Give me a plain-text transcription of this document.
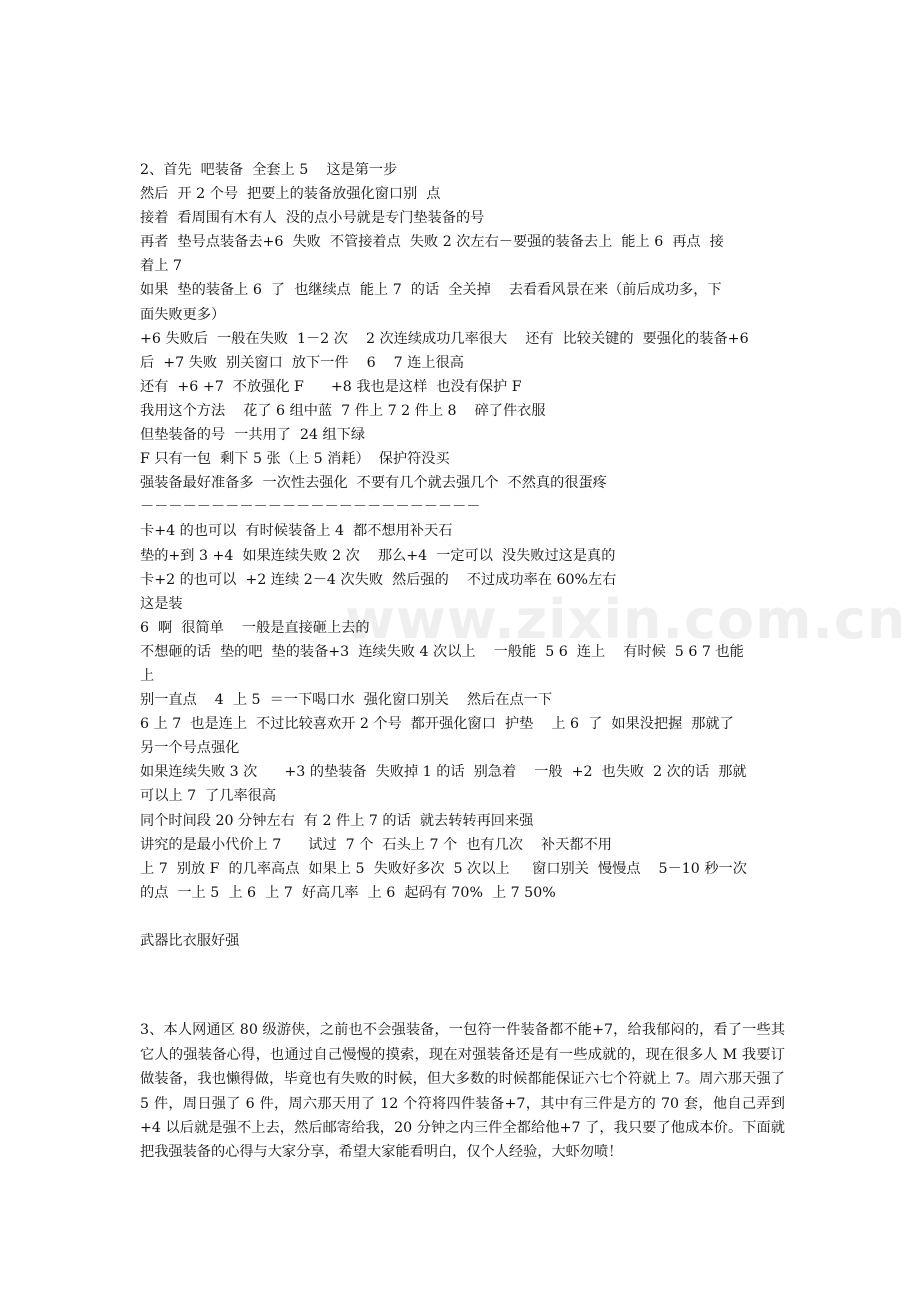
www.zixin.com.cn
2、首先  吧装备  全套上 5    这是第一步
然后  开 2 个号  把要上的装备放强化窗口别  点
接着  看周围有木有人  没的点小号就是专门垫装备的号
再者  垫号点装备去+6  失败  不管接着点  失败 2 次左右－要强的装备去上  能上 6  再点  接
着上 7
如果  垫的装备上 6  了  也继续点  能上 7  的话  全关掉    去看看风景在来（前后成功多，下
面失败更多）
+6 失败后  一般在失败  1－2 次    2 次连续成功几率很大    还有  比较关键的  要强化的装备+6
后  +7 失败  别关窗口  放下一件    6    7 连上很高
还有  +6 +7  不放强化 F      +8 我也是这样  也没有保护 F
我用这个方法    花了 6 组中蓝  7 件上 7 2 件上 8    碎了件衣服
但垫装备的号  一共用了  24 组下绿
F 只有一包  剩下 5 张（上 5 消耗）  保护符没买
强装备最好准备多  一次性去强化  不要有几个就去强几个  不然真的很蛋疼
－－－－－－－－－－－－－－－－－－－－－－－－
卡+4 的也可以  有时候装备上 4  都不想用补天石
垫的+到 3 +4  如果连续失败 2 次    那么+4  一定可以  没失败过这是真的
卡+2 的也可以  +2 连续 2－4 次失败  然后强的    不过成功率在 60%左右
这是装
6  啊  很简单    一般是直接砸上去的
不想砸的话  垫的吧  垫的装备+3  连续失败 4 次以上    一般能  5 6  连上    有时候  5 6 7 也能
上
别一直点    4  上 5  ＝一下喝口水  强化窗口别关    然后在点一下
6 上 7  也是连上  不过比较喜欢开 2 个号  都开强化窗口  护垫    上 6  了  如果没把握  那就了
另一个号点强化
如果连续失败 3 次      +3 的垫装备  失败掉 1 的话  别急着    一般  +2  也失败  2 次的话  那就
可以上 7  了几率很高
同个时间段 20 分钟左右  有 2 件上 7 的话  就去转转再回来强
讲究的是最小代价上 7      试过  7 个  石头上 7 个  也有几次    补天都不用
上 7  别放 F  的几率高点  如果上 5  失败好多次  5 次以上     窗口别关  慢慢点    5－10 秒一次
的点  一上 5  上 6  上 7  好高几率  上 6  起码有 70%  上 7 50%
武器比衣服好强
3、本人网通区 80 级游侠，之前也不会强装备，一包符一件装备都不能+7，给我郁闷的，看了一些其它人的强装备心得，也通过自己慢慢的摸索，现在对强装备还是有一些成就的，现在很多人 M 我要订做装备，我也懒得做，毕竟也有失败的时候，但大多数的时候都能保证六七个符就上 7。周六那天强了 5 件，周日强了 6 件，周六那天用了 12 个符将四件装备+7，其中有三件是方的 70 套，他自己弄到+4 以后就是强不上去，然后邮寄给我，20 分钟之内三件全都给他+7 了，我只要了他成本价。下面就把我强装备的心得与大家分享，希望大家能看明白，仅个人经验，大虾勿喷！
